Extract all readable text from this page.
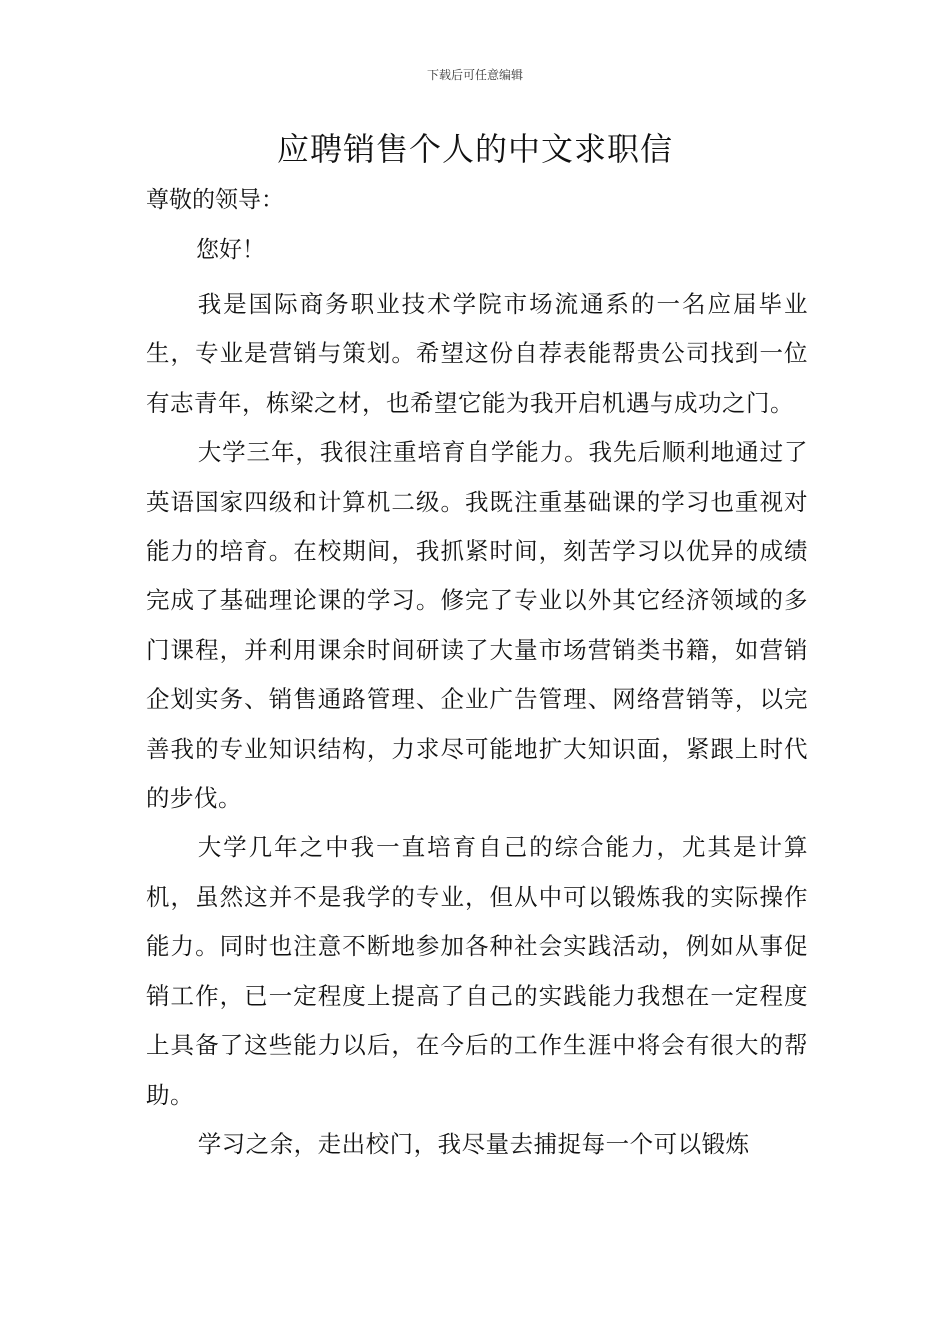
下载后可任意编辑
应聘销售个人的中文求职信
尊敬的领导：
您好！

我是国际商务职业技术学院市场流通系的一名应届毕业生，专业是营销与策划。希望这份自荐表能帮贵公司找到一位有志青年，栋梁之材，也希望它能为我开启机遇与成功之门。

大学三年，我很注重培育自学能力。我先后顺利地通过了英语国家四级和计算机二级。我既注重基础课的学习也重视对能力的培育。在校期间，我抓紧时间，刻苦学习以优异的成绩完成了基础理论课的学习。修完了专业以外其它经济领域的多门课程，并利用课余时间研读了大量市场营销类书籍，如营销企划实务、销售通路管理、企业广告管理、网络营销等，以完善我的专业知识结构，力求尽可能地扩大知识面，紧跟上时代的步伐。

大学几年之中我一直培育自己的综合能力，尤其是计算机，虽然这并不是我学的专业，但从中可以锻炼我的实际操作能力。同时也注意不断地参加各种社会实践活动，例如从事促销工作，已一定程度上提高了自己的实践能力我想在一定程度上具备了这些能力以后，在今后的工作生涯中将会有很大的帮助。

学习之余，走出校门，我尽量去捕捉每一个可以锻炼
